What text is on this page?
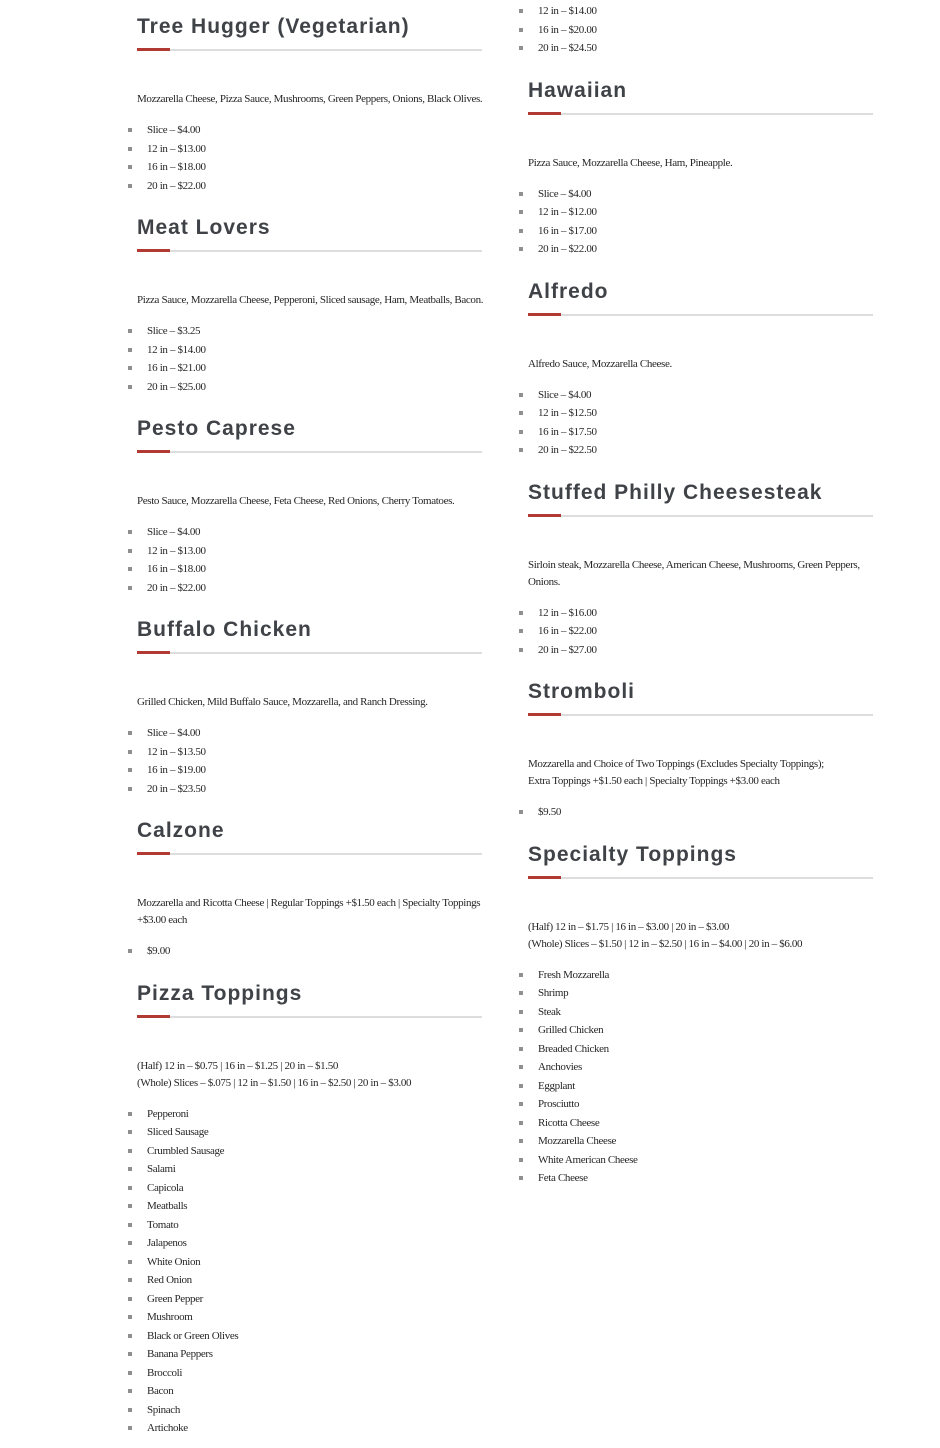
Tree Hugger (Vegetarian)
Mozzarella Cheese, Pizza Sauce, Mushrooms, Green Peppers, Onions, Black Olives.
Slice – $4.00
12 in – $13.00
16 in – $18.00
20 in – $22.00
Meat Lovers
Pizza Sauce, Mozzarella Cheese, Pepperoni, Sliced sausage, Ham, Meatballs, Bacon.
Slice – $3.25
12 in – $14.00
16 in – $21.00
20 in – $25.00
Pesto Caprese
Pesto Sauce, Mozzarella Cheese, Feta Cheese, Red Onions, Cherry Tomatoes.
Slice – $4.00
12 in – $13.00
16 in – $18.00
20 in – $22.00
Buffalo Chicken
Grilled Chicken, Mild Buffalo Sauce, Mozzarella, and Ranch Dressing.
Slice – $4.00
12 in – $13.50
16 in – $19.00
20 in – $23.50
Calzone
Mozzarella and Ricotta Cheese | Regular Toppings +$1.50 each | Specialty Toppings
+$3.00 each
$9.00
Pizza Toppings
(Half) 12 in – $0.75 | 16 in – $1.25 | 20 in – $1.50
(Whole) Slices – $.075 | 12 in – $1.50 | 16 in – $2.50 | 20 in – $3.00
Pepperoni
Sliced Sausage
Crumbled Sausage
Salami
Capicola
Meatballs
Tomato
Jalapenos
White Onion
Red Onion
Green Pepper
Mushroom
Black or Green Olives
Banana Peppers
Broccoli
Bacon
Spinach
Artichoke
12 in – $14.00
16 in – $20.00
20 in – $24.50
Hawaiian
Pizza Sauce, Mozzarella Cheese, Ham, Pineapple.
Slice – $4.00
12 in – $12.00
16 in – $17.00
20 in – $22.00
Alfredo
Alfredo Sauce, Mozzarella Cheese.
Slice – $4.00
12 in – $12.50
16 in – $17.50
20 in – $22.50
Stuffed Philly Cheesesteak
Sirloin steak, Mozzarella Cheese, American Cheese, Mushrooms, Green Peppers,
Onions.
12 in – $16.00
16 in – $22.00
20 in – $27.00
Stromboli
Mozzarella and Choice of Two Toppings (Excludes Specialty Toppings);
Extra Toppings +$1.50 each | Specialty Toppings +$3.00 each
$9.50
Specialty Toppings
(Half) 12 in – $1.75 | 16 in – $3.00 | 20 in – $3.00
(Whole) Slices – $1.50 | 12 in – $2.50 | 16 in – $4.00 | 20 in – $6.00
Fresh Mozzarella
Shrimp
Steak
Grilled Chicken
Breaded Chicken
Anchovies
Eggplant
Prosciutto
Ricotta Cheese
Mozzarella Cheese
White American Cheese
Feta Cheese
